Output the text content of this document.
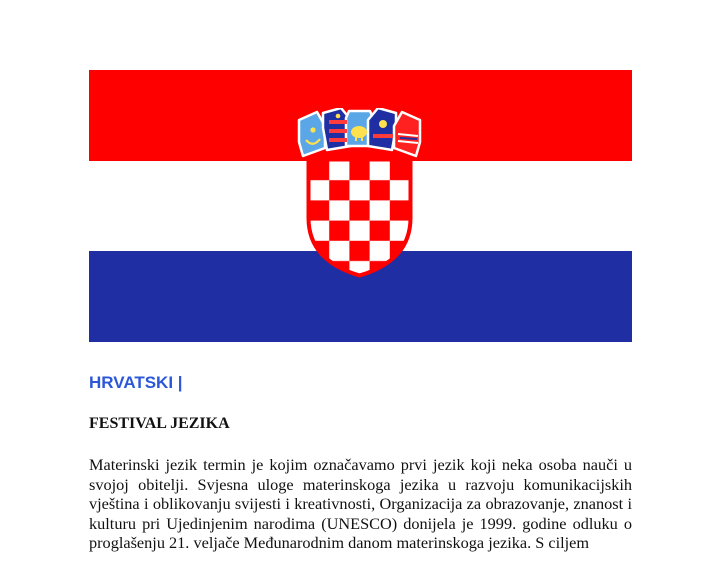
HRVATSKI |
FESTIVAL JEZIKA

Materinski jezik termin je kojim označavamo prvi jezik koji neka osoba nauči u svojoj obitelji. Svjesna uloge materinskoga jezika u razvoju komunikacijskih vještina i oblikovanju svijesti i kreativnosti, Organizacija za obrazovanje, znanost i kulturu pri Ujedinjenim narodima (UNESCO) donijela je 1999. godine odluku o proglašenju 21. veljače Međunarodnim danom materinskoga jezika. S ciljem
